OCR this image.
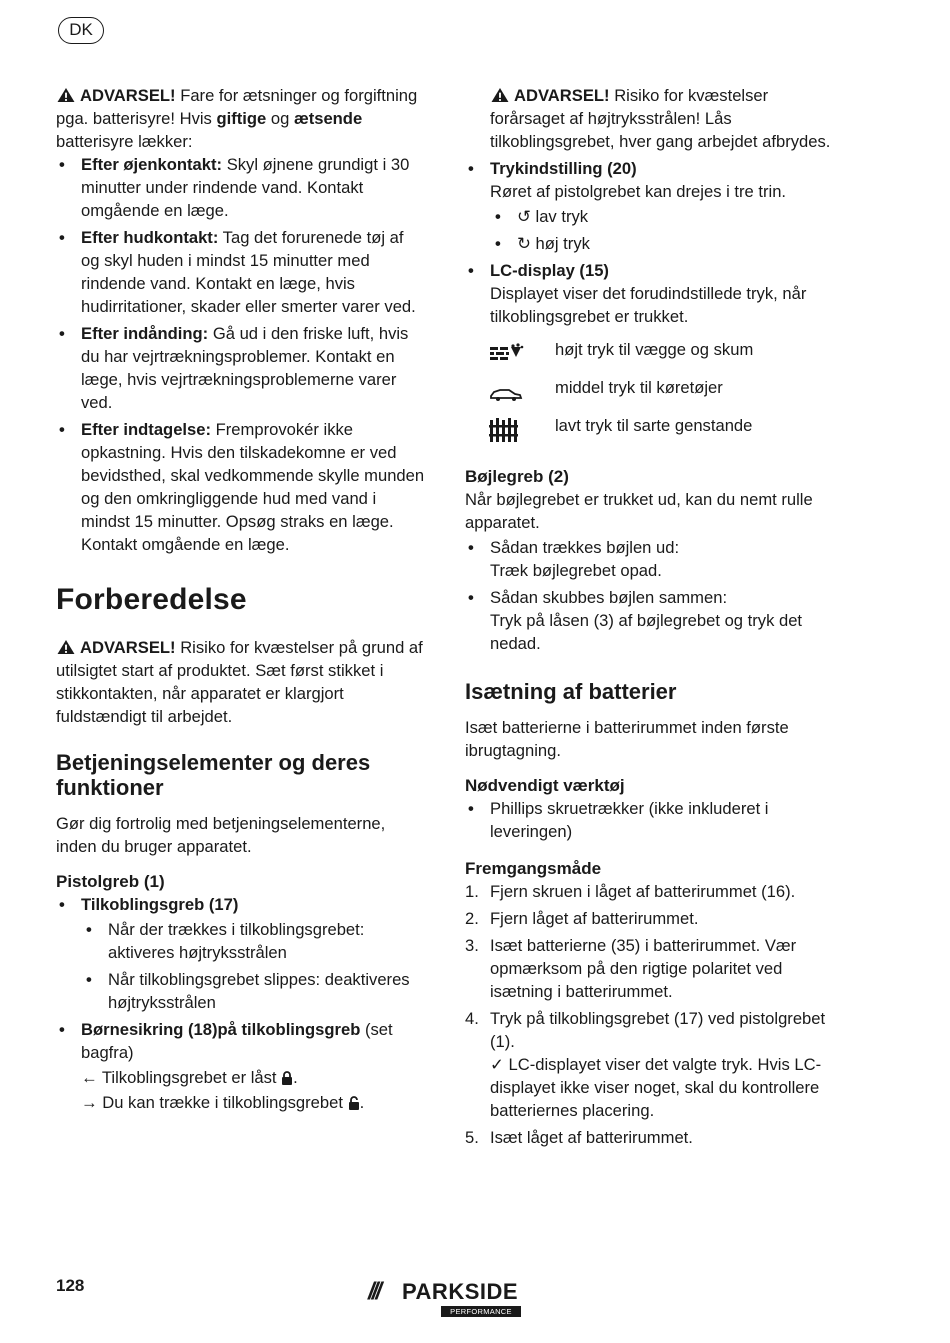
DK

ADVARSEL! Fare for ætsninger og forgiftning pga. batterisyre! Hvis giftige og ætsende batterisyre lækker:

• Efter øjenkontakt: Skyl øjnene grundigt i 30 minutter under rindende vand. Kontakt omgående en læge.

• Efter hudkontakt: Tag det forurenede tøj af og skyl huden i mindst 15 minutter med rindende vand. Kontakt en læge, hvis hudirritationer, skader eller smerter varer ved.

• Efter indånding: Gå ud i den friske luft, hvis du har vejrtrækningsproblemer. Kontakt en læge, hvis vejrtrækningsproblemerne varer ved.

• Efter indtagelse: Fremprovokér ikke opkastning. Hvis den tilskadekomne er ved bevidsthed, skal vedkommende skylle munden og den omkringliggende hud med vand i mindst 15 minutter. Opsøg straks en læge. Kontakt omgående en læge.

Forberedelse

ADVARSEL! Risiko for kvæstelser på grund af utilsigtet start af produktet. Sæt først stikket i stikkontakten, når apparatet er klargjort fuldstændigt til arbejdet.

Betjeningselementer og deres funktioner

Gør dig fortrolig med betjeningselementerne, inden du bruger apparatet.

Pistolgreb (1)

• Tilkoblingsgreb (17)

• Når der trækkes i tilkoblingsgrebet: aktiveres højtryksstrålen

• Når tilkoblingsgrebet slippes: deaktiveres højtryksstrålen

• Børnesikring (18)på tilkoblingsgreb (set bagfra)

← Tilkoblingsgrebet er låst .

→ Du kan trække i tilkoblingsgrebet .

ADVARSEL! Risiko for kvæstelser forårsaget af højtryksstrålen! Lås tilkoblingsgrebet, hver gang arbejdet afbrydes.

• Trykindstilling (20)

Røret af pistolgrebet kan drejes i tre trin.

• ↺ lav tryk

• ↻ høj tryk

• LC-display (15)

Displayet viser det forudindstillede tryk, når tilkoblingsgrebet er trukket.

højt tryk til vægge og skum
middel tryk til køretøjer
lavt tryk til sarte genstande
Bøjlegreb (2)

Når bøjlegrebet er trukket ud, kan du nemt rulle apparatet.

• Sådan trækkes bøjlen ud:

Træk bøjlegrebet opad.

• Sådan skubbes bøjlen sammen:

Tryk på låsen (3) af bøjlegrebet og tryk det nedad.

Isætning af batterier

Isæt batterierne i batterirummet inden første ibrugtagning.

Nødvendigt værktøj

• Phillips skruetrækker (ikke inkluderet i leveringen)

Fremgangsmåde

1. Fjern skruen i låget af batterirummet (16).

2. Fjern låget af batterirummet.

3. Isæt batterierne (35) i batterirummet. Vær opmærksom på den rigtige polaritet ved isætning i batterirummet.

4. Tryk på tilkoblingsgrebet (17) ved pistolgrebet (1).

✓ LC-displayet viser det valgte tryk. Hvis LC-displayet ikke viser noget, skal du kontrollere batteriernes placering.

5. Isæt låget af batterirummet.

128	/// PARKSIDE
PERFORMANCE
